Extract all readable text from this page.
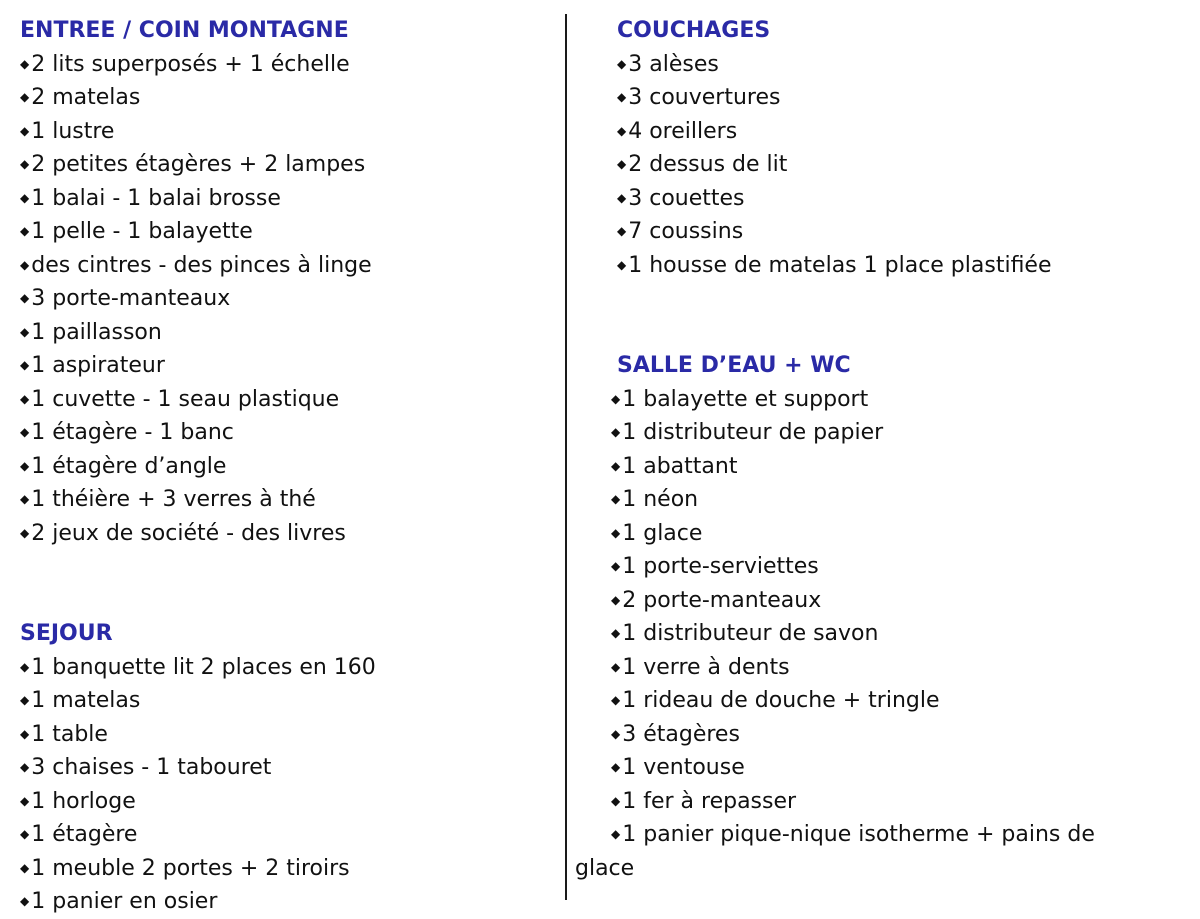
ENTREE / COIN MONTAGNE
◆2 lits superposés + 1 échelle
◆2 matelas
◆1 lustre
◆2 petites étagères + 2 lampes
◆1 balai - 1 balai brosse
◆1 pelle - 1 balayette
◆des cintres - des pinces à linge
◆3 porte-manteaux
◆1 paillasson
◆1 aspirateur
◆1 cuvette - 1 seau plastique
◆1 étagère - 1 banc
◆1 étagère d’angle
◆1 théière + 3 verres à thé
◆2 jeux de société - des livres
SEJOUR
◆1 banquette lit 2 places en 160
◆1 matelas
◆1 table
◆3 chaises - 1 tabouret
◆1 horloge
◆1 étagère
◆1 meuble 2 portes + 2 tiroirs
◆1 panier en osier
COUCHAGES
◆3 alèses
◆3 couvertures
◆4 oreillers
◆2 dessus de lit
◆3 couettes
◆7 coussins
◆1 housse de matelas 1 place plastifiée
SALLE D’EAU + WC
◆1 balayette et support
◆1 distributeur de papier
◆1 abattant
◆1 néon
◆1 glace
◆1 porte-serviettes
◆2 porte-manteaux
◆1 distributeur de savon
◆1 verre à dents
◆1 rideau de douche + tringle
◆3 étagères
◆1 ventouse
◆1 fer à repasser
◆1 panier pique-nique isotherme + pains de
glace
